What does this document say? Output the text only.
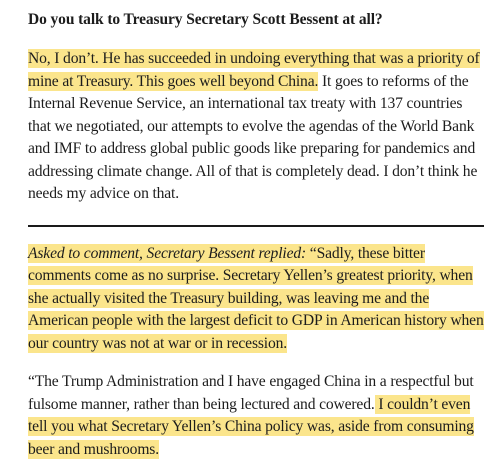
Do you talk to Treasury Secretary Scott Bessent at all?

No, I don’t. He has succeeded in undoing everything that was a priority of mine at Treasury. This goes well beyond China. It goes to reforms of the Internal Revenue Service, an international tax treaty with 137 countries that we negotiated, our attempts to evolve the agendas of the World Bank and IMF to address global public goods like preparing for pandemics and addressing climate change. All of that is completely dead. I don’t think he needs my advice on that.

Asked to comment, Secretary Bessent replied: “Sadly, these bitter comments come as no surprise. Secretary Yellen’s greatest priority, when she actually visited the Treasury building, was leaving me and the American people with the largest deficit to GDP in American history when our country was not at war or in recession.

“The Trump Administration and I have engaged China in a respectful but fulsome manner, rather than being lectured and cowered. I couldn’t even tell you what Secretary Yellen’s China policy was, aside from consuming beer and mushrooms.
